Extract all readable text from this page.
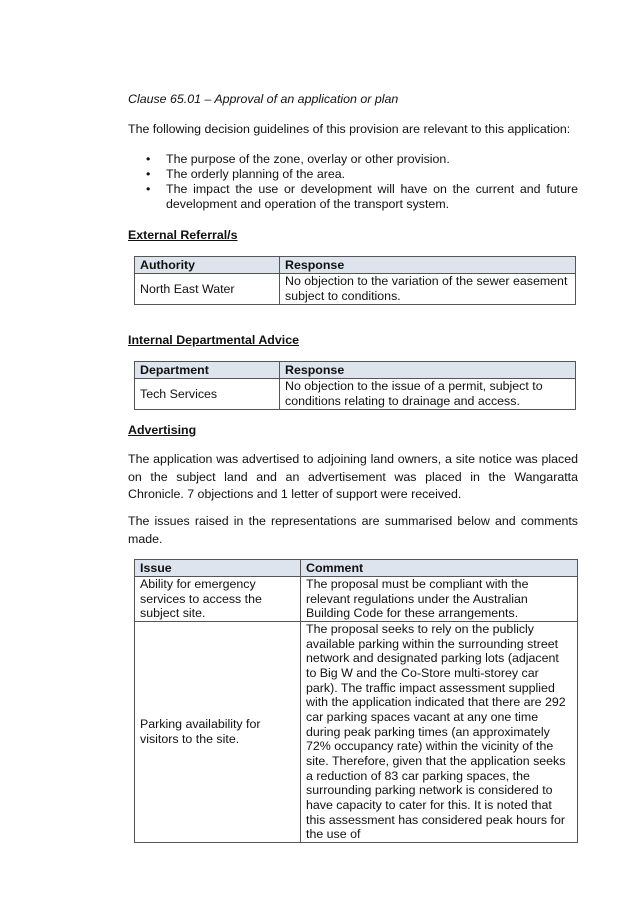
Clause 65.01 – Approval of an application or plan
The following decision guidelines of this provision are relevant to this application:
• The purpose of the zone, overlay or other provision.
• The orderly planning of the area.
• The impact the use or development will have on the current and future development and operation of the transport system.
External Referral/s
Authority	Response
North East Water	No objection to the variation of the sewer easement subject to conditions.
Internal Departmental Advice
Department	Response
Tech Services	No objection to the issue of a permit, subject to conditions relating to drainage and access.
Advertising
The application was advertised to adjoining land owners, a site notice was placed on the subject land and an advertisement was placed in the Wangaratta Chronicle. 7 objections and 1 letter of support were received.
The issues raised in the representations are summarised below and comments made.
Issue	Comment
Ability for emergency services to access the subject site.	The proposal must be compliant with the relevant regulations under the Australian Building Code for these arrangements.
Parking availability for visitors to the site.	The proposal seeks to rely on the publicly available parking within the surrounding street network and designated parking lots (adjacent to Big W and the Co-Store multi-storey car park). The traffic impact assessment supplied with the application indicated that there are 292 car parking spaces vacant at any one time during peak parking times (an approximately 72% occupancy rate) within the vicinity of the site. Therefore, given that the application seeks a reduction of 83 car parking spaces, the surrounding parking network is considered to have capacity to cater for this. It is noted that this assessment has considered peak hours for the use of
